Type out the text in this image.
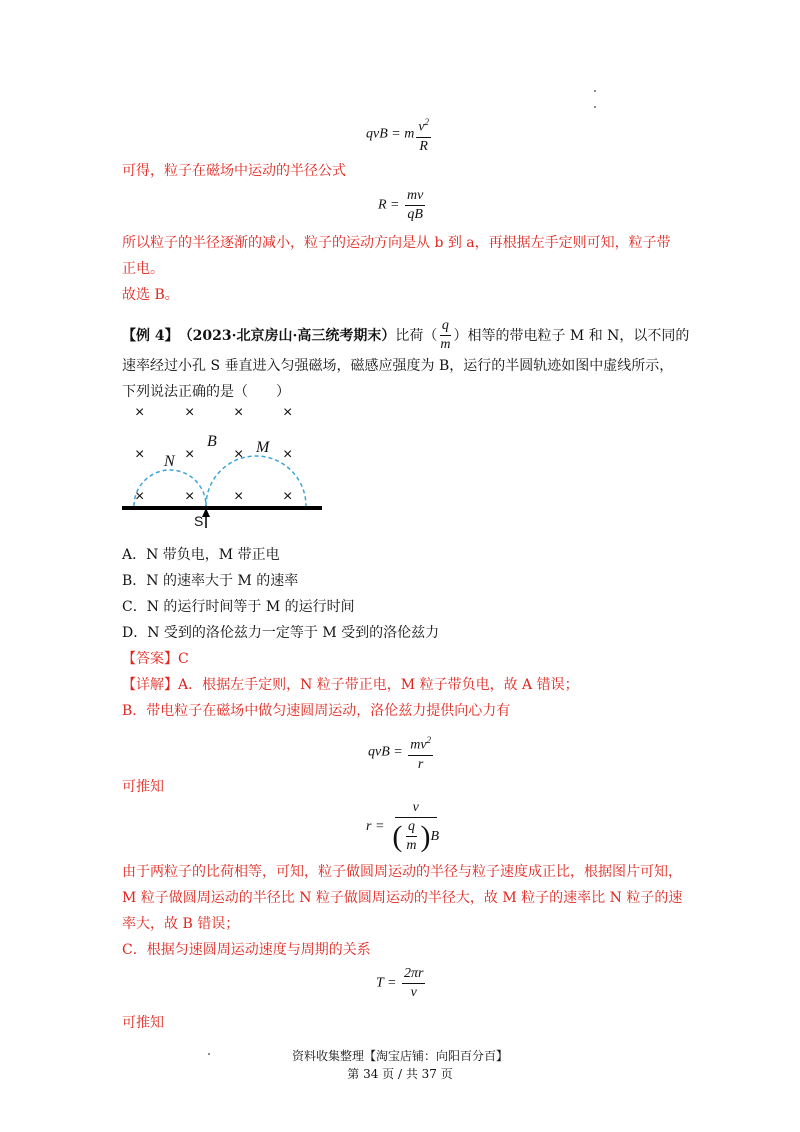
qvB = m $\frac{v^2}{R}$
可得，粒子在磁场中运动的半径公式
$R = \frac{mv}{qB}$
所以粒子的半径逐渐的减小，粒子的运动方向是从 b 到 a，再根据左手定则可知，粒子带
正电。
故选 B。
【例 4】 （2023·北京房山·高三统考期末） 比荷（ $\frac{q}{m}$ ）相等的带电粒子 M 和 N，以不同的
速率经过小孔 S 垂直进入匀强磁场，磁感应强度为 B，运行的半圆轨迹如图中虚线所示，
下列说法正确的是（　　）
×	× × ×
×	× × ×
×	× × ×
N
B M
S
A．N 带负电，M 带正电
B．N 的速率大于 M 的速率
C．N 的运行时间等于 M 的运行时间
D．N 受到的洛伦兹力一定等于 M 受到的洛伦兹力
【答案】C
【详解】A．根据左手定则，N 粒子带正电，M 粒子带负电，故 A 错误；
B．带电粒子在磁场中做匀速圆周运动，洛伦兹力提供向心力有
qvB = $\frac{mv^2}{r}$
可推知
$r = \frac{v}{( \frac{q}{m} ) B}$
由于两粒子的比荷相等，可知，粒子做圆周运动的半径与粒子速度成正比，根据图片可知，
M 粒子做圆周运动的半径比 N 粒子做圆周运动的半径大，故 M 粒子的速率比 N 粒子的速
率大，故 B 错误；
C．根据匀速圆周运动速度与周期的关系
$T = \frac{2\pi r}{v}$
可推知
资料收集整理【淘宝店铺：向阳百分百】
第 34 页 / 共 37 页
